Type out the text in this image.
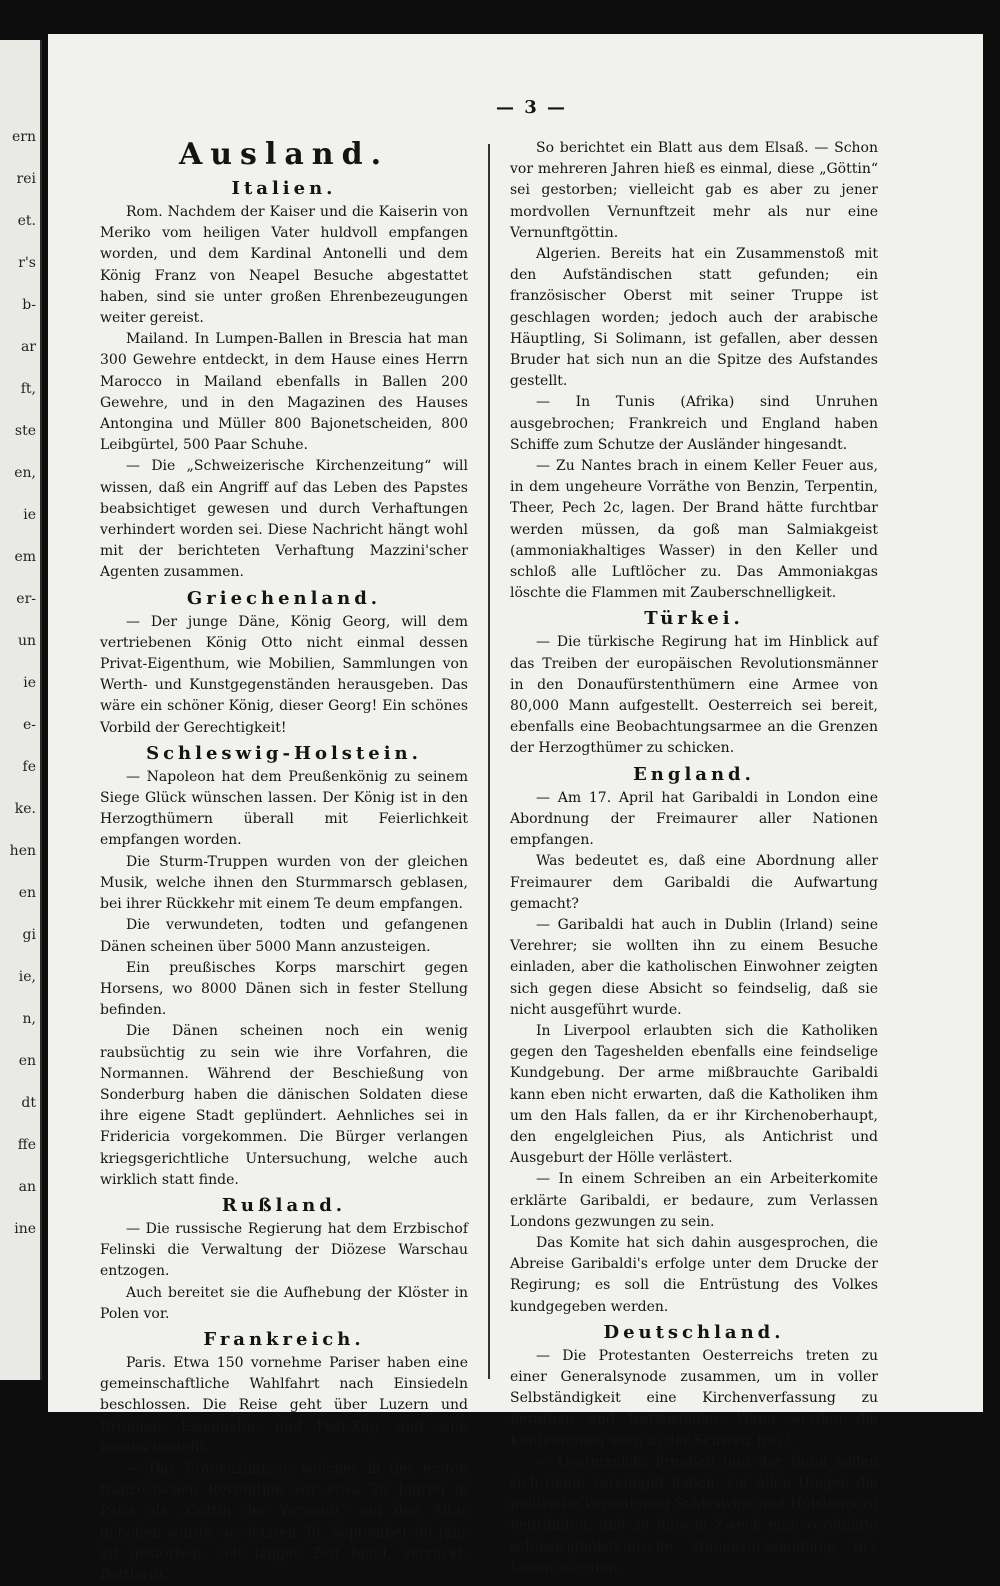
ern
rei
et.
r's
b-
ar
ft,
ste
en,
ie
em
er-
un
ie
e-
fe
ke.
hen
en
gi
ie,
n,
en
dt
ffe
an
ine
— 3 —
Ausland.
Italien.

Rom. Nachdem der Kaiser und die Kaiserin von Meriko vom heiligen Vater huldvoll empfangen worden, und dem Kardinal Antonelli und dem König Franz von Neapel Besuche abgestattet haben, sind sie unter großen Ehrenbezeugungen weiter gereist.

Mailand. In Lumpen-Ballen in Brescia hat man 300 Gewehre entdeckt, in dem Hause eines Herrn Marocco in Mailand ebenfalls in Ballen 200 Gewehre, und in den Magazinen des Hauses Antongina und Müller 800 Bajonetscheiden, 800 Leibgürtel, 500 Paar Schuhe.

— Die „Schweizerische Kirchenzeitung“ will wissen, daß ein Angriff auf das Leben des Papstes beabsichtiget gewesen und durch Verhaftungen verhindert worden sei. Diese Nachricht hängt wohl mit der berichteten Verhaftung Mazzini'scher Agenten zusammen.

Griechenland.

— Der junge Däne, König Georg, will dem vertriebenen König Otto nicht einmal dessen Privat-Eigenthum, wie Mobilien, Sammlungen von Werth- und Kunstgegenständen herausgeben. Das wäre ein schöner König, dieser Georg! Ein schönes Vorbild der Gerechtigkeit!

Schleswig-Holstein.

— Napoleon hat dem Preußenkönig zu seinem Siege Glück wünschen lassen. Der König ist in den Herzogthümern überall mit Feierlichkeit empfangen worden.

Die Sturm-Truppen wurden von der gleichen Musik, welche ihnen den Sturmmarsch geblasen, bei ihrer Rückkehr mit einem Te deum empfangen.

Die verwundeten, todten und gefangenen Dänen scheinen über 5000 Mann anzusteigen.

Ein preußisches Korps marschirt gegen Horsens, wo 8000 Dänen sich in fester Stellung befinden.

Die Dänen scheinen noch ein wenig raubsüchtig zu sein wie ihre Vorfahren, die Normannen. Während der Beschießung von Sonderburg haben die dänischen Soldaten diese ihre eigene Stadt geplündert. Aehnliches sei in Fridericia vorgekommen. Die Bürger verlangen kriegsgerichtliche Untersuchung, welche auch wirklich statt finde.

Rußland.

— Die russische Regierung hat dem Erzbischof Felinski die Verwaltung der Diözese Warschau entzogen.

Auch bereitet sie die Aufhebung der Klöster in Polen vor.

Frankreich.

Paris. Etwa 150 vornehme Pariser haben eine gemeinschaftliche Wahlfahrt nach Einsiedeln beschlossen. Die Reise geht über Luzern und Brunnen. Eisenbahn- und Post-Zug sind zum voraus bestellt.

— Das Frauenzimmer, welches in der ersten französischen Revolution vor etwa 70 Jahren in Paris als „Göttin der Vernunft“ auf den Altar gehoben wurde, sei letzten 30. September 90 Jahr alt gestorben, seit langer Zeit blind, verrückt, Bettlerin.

So berichtet ein Blatt aus dem Elsaß. — Schon vor mehreren Jahren hieß es einmal, diese „Göttin“ sei gestorben; vielleicht gab es aber zu jener mordvollen Vernunftzeit mehr als nur eine Vernunftgöttin.

Algerien. Bereits hat ein Zusammenstoß mit den Aufständischen statt gefunden; ein französischer Oberst mit seiner Truppe ist geschlagen worden; jedoch auch der arabische Häuptling, Si Solimann, ist gefallen, aber dessen Bruder hat sich nun an die Spitze des Aufstandes gestellt.

— In Tunis (Afrika) sind Unruhen ausgebrochen; Frankreich und England haben Schiffe zum Schutze der Ausländer hingesandt.

— Zu Nantes brach in einem Keller Feuer aus, in dem ungeheure Vorräthe von Benzin, Terpentin, Theer, Pech 2c, lagen. Der Brand hätte furchtbar werden müssen, da goß man Salmiakgeist (ammoniakhaltiges Wasser) in den Keller und schloß alle Luftlöcher zu. Das Ammoniakgas löschte die Flammen mit Zauberschnelligkeit.

Türkei.

— Die türkische Regirung hat im Hinblick auf das Treiben der europäischen Revolutionsmänner in den Donaufürstenthümern eine Armee von 80,000 Mann aufgestellt. Oesterreich sei bereit, ebenfalls eine Beobachtungsarmee an die Grenzen der Herzogthümer zu schicken.

England.

— Am 17. April hat Garibaldi in London eine Abordnung der Freimaurer aller Nationen empfangen.

Was bedeutet es, daß eine Abordnung aller Freimaurer dem Garibaldi die Aufwartung gemacht?

— Garibaldi hat auch in Dublin (Irland) seine Verehrer; sie wollten ihn zu einem Besuche einladen, aber die katholischen Einwohner zeigten sich gegen diese Absicht so feindselig, daß sie nicht ausgeführt wurde.

In Liverpool erlaubten sich die Katholiken gegen den Tageshelden ebenfalls eine feindselige Kundgebung. Der arme mißbrauchte Garibaldi kann eben nicht erwarten, daß die Katholiken ihm um den Hals fallen, da er ihr Kirchenoberhaupt, den engelgleichen Pius, als Antichrist und Ausgeburt der Hölle verlästert.

— In einem Schreiben an ein Arbeiterkomite erklärte Garibaldi, er bedaure, zum Verlassen Londons gezwungen zu sein.

Das Komite hat sich dahin ausgesprochen, die Abreise Garibaldi's erfolge unter dem Drucke der Regirung; es soll die Entrüstung des Volkes kundgegeben werden.

Deutschland.

— Die Protestanten Oesterreichs treten zu einer Generalsynode zusammen, um in voller Selbständigkeit eine Kirchenverfassung zu berathen und festzustellen. Wann werden die Konfessionen auch in der Schweiz frei?

— Oesterreich, Preußen und der Bund sollen sich dahin vereiniget haben, vor allen Dingen die politische Vereinigung Schleswigs und Holsteins zu begründen, und zu diesem Zweck eine vereinigte schleswigholsteinische Ständeversammlung in's Leben zu rufen.
